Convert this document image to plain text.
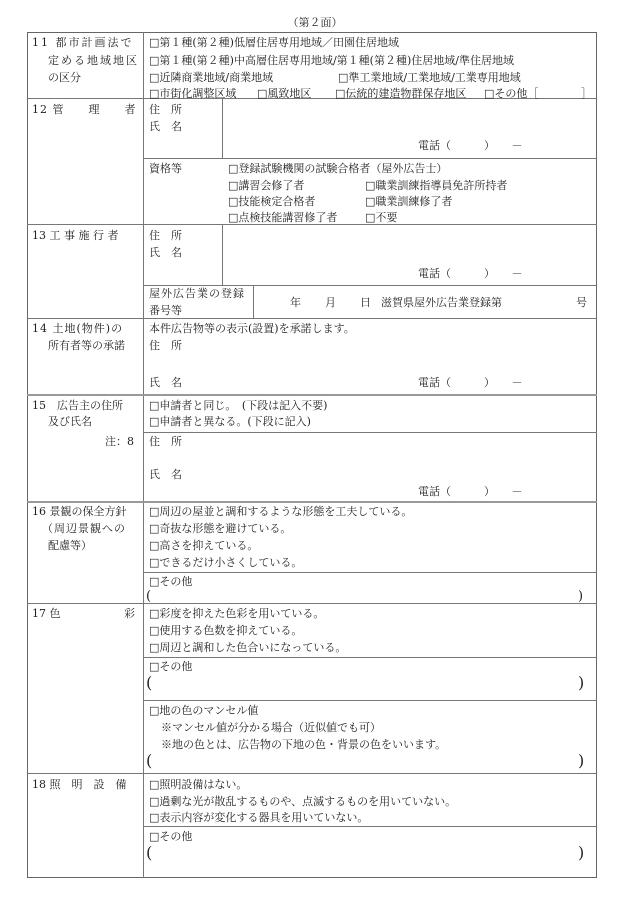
（第２面）
11 都市計画法で
定める地域地区
の区分
□第１種(第２種)低層住居専用地域／田園住居地域
□第１種(第２種)中高層住居専用地域/第１種(第２種)住居地域/準住居地域
□近隣商業地域/商業地域	□準工業地域/工業地域/工業専用地域
□市街化調整区域 □風致地区 □伝統的建造物群保存地区 □その他［	］
12 管　　理　　者 住　所
氏　名
電話（　　　）　　－
資格等	□登録試験機関の試験合格者（屋外広告士）
□講習会修了者	□職業訓練指導員免許所持者
□技能検定合格者	□職業訓練修了者
□点検技能講習修了者	□不要
13 工 事 施 行 者	住　所
氏　名
電話（　　　）　　－
屋外広告業の登録
番号等
年 月 日 滋賀県屋外広告業登録第	号
14 土地(物件)の
所有者等の承諾
本件広告物等の表示(設置)を承諾します。
住　所
氏　名	電話（　　　）　　－
15　広告主の住所
及び氏名
注：8
□申請者と同じ。　(下段は記入不要)
□申請者と異なる。(下段に記入)
住　所
氏　名
電話（　　　）　　－
16 景観の保全方針
（周辺景観への
配慮等）
□周辺の屋並と調和するような形態を工夫している。
□奇抜な形態を避けている。
□高さを抑えている。
□できるだけ小さくしている。
□その他
(	)
17 色	彩 □彩度を抑えた色彩を用いている。
□使用する色数を抑えている。
□周辺と調和した色合いになっている。
□その他
(	)
□地の色のマンセル値
※マンセル値が分かる場合（近似値でも可）
※地の色とは、広告物の下地の色・背景の色をいいます。
(	)
18 照　明　設　備 □照明設備はない。
□過剰な光が散乱するものや、点滅するものを用いていない。
□表示内容が変化する器具を用いていない。
□その他
(	)
